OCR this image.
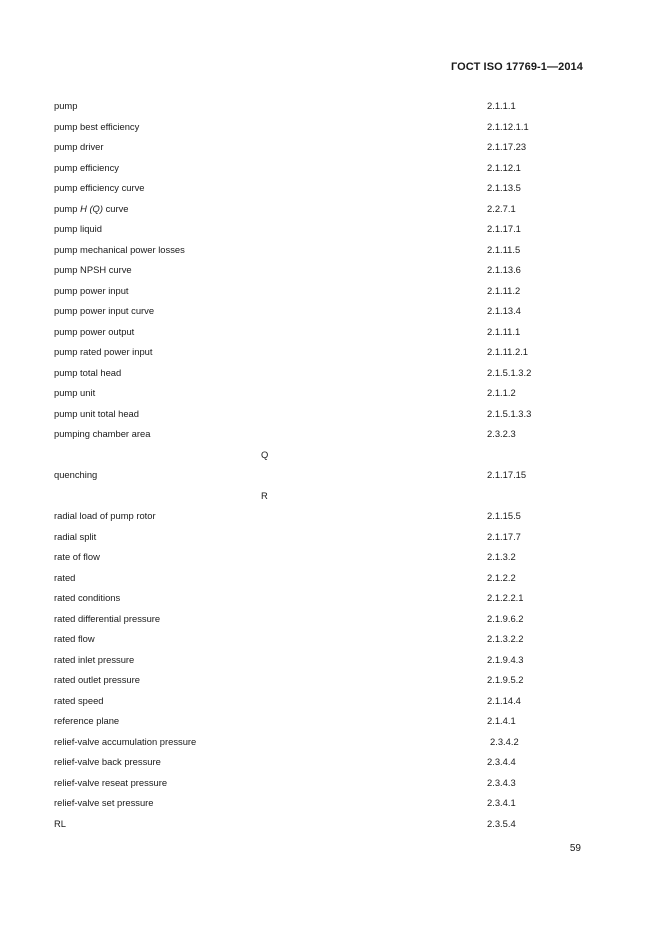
ГОСТ ISO 17769-1—2014
pump	2.1.1.1
pump best efficiency	2.1.12.1.1
pump driver	2.1.17.23
pump efficiency	2.1.12.1
pump efficiency curve	2.1.13.5
pump H (Q) curve	2.2.7.1
pump liquid	2.1.17.1
pump mechanical power losses	2.1.11.5
pump NPSH curve	2.1.13.6
pump power input	2.1.11.2
pump power input curve	2.1.13.4
pump power output	2.1.11.1
pump rated power input	2.1.11.2.1
pump total head	2.1.5.1.3.2
pump unit	2.1.1.2
pump unit total head	2.1.5.1.3.3
pumping chamber area	2.3.2.3
Q
quenching	2.1.17.15
R
radial load of pump rotor	2.1.15.5
radial split	2.1.17.7
rate of flow	2.1.3.2
rated	2.1.2.2
rated conditions	2.1.2.2.1
rated differential pressure	2.1.9.6.2
rated flow	2.1.3.2.2
rated inlet pressure	2.1.9.4.3
rated outlet pressure	2.1.9.5.2
rated speed	2.1.14.4
reference plane	2.1.4.1
relief-valve accumulation pressure	2.3.4.2
relief-valve back pressure	2.3.4.4
relief-valve reseat pressure	2.3.4.3
relief-valve set pressure	2.3.4.1
RL	2.3.5.4
59
